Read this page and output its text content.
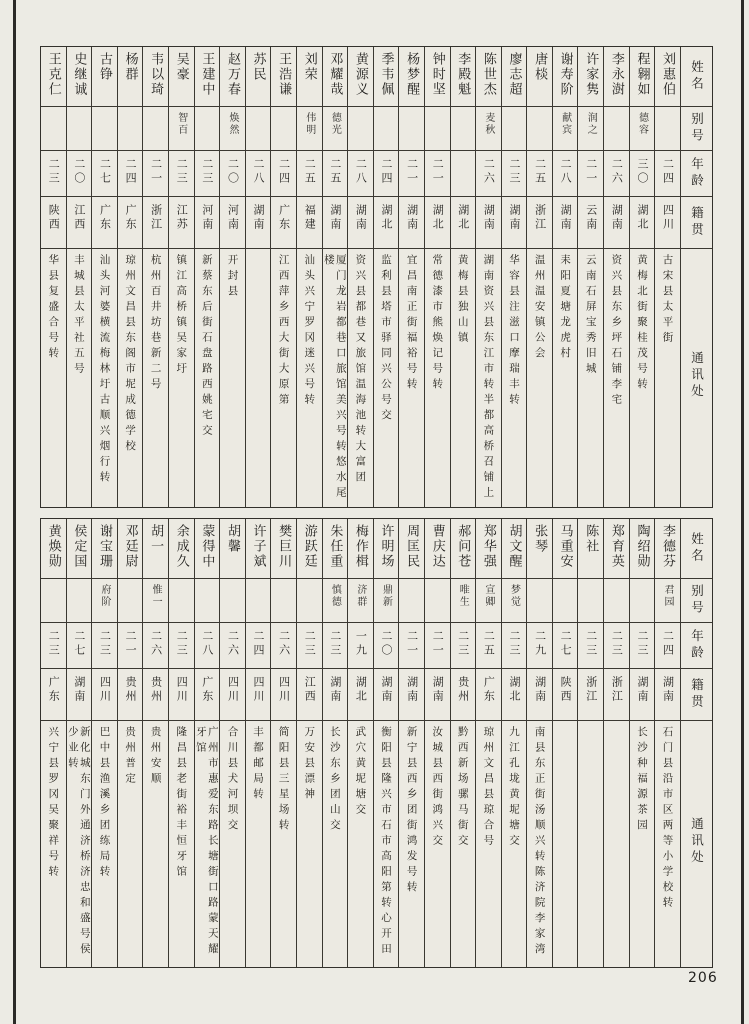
王克仁
二三
陕西
华县复盛合号转
史继诚
二〇
江西
丰城县太平社五号
古铮
二七
广东
汕头河婆横流梅林圩古顺兴烟行转
杨群
二四
广东
琼州文昌县东阁市坭成德学校
韦以琦
二一
浙江
杭州百井坊巷新二号
吴豪
智百
二三
江苏
镇江高桥镇吴家圩
王建中
二三
河南
新蔡东后街石盘路西姚宅交
赵万春
焕然
二〇
河南
开封县
苏民
二八
湖南
王浩谦
二四
广东
江西萍乡西大街大原第
刘荣
伟明
二五
福建
汕头兴宁罗冈迷兴号转
邓耀哉
德光
二五
湖南
厦门龙岩都巷口旅馆美兴号转悠水尾楼
黄源义
二八
湖南
资兴县都巷又旅馆温海池转大富团
季韦佩
二四
湖北
监利县塔市驿同兴公号交
杨梦醒
二一
湖南
宜昌南正街福裕号转
钟时坚
二一
湖北
常德漆市熊焕记号转
李殿魁
湖北
黄梅县独山镇
陈世杰
麦秋
二六
湖南
湖南资兴县东江市转半都高桥召铺上
廖志超
二三
湖南
华容县注滋口摩瑞丰转
唐棪
二五
浙江
温州温安镇公会
谢寿阶
献宾
二八
湖南
耒阳夏塘龙虎村
许家隽
润之
二一
云南
云南石屏宝秀旧城
李永澍
二六
湖南
资兴县东乡坪石铺李宅
程翱如
德容
三〇
湖北
黄梅北街聚桂茂号转
刘惠伯
二四
四川
古宋县太平街
姓名
别号
年龄
籍贯
通讯处
黄焕勋
二三
广东
兴宁县罗冈吴聚祥号转
侯定国
二七
湖南
新化城东门外通济桥济忠和盛号侯少业转
谢宝珊
府阶
二三
四川
巴中县渔溪乡团练局转
邓廷尉
二一
贵州
贵州普定
胡一
惟一
二六
贵州
贵州安顺
余成久
二三
四川
隆昌县老街裕丰恒牙馆
蒙得中
二八
广东
广州市惠爱东路长塘街口路蒙天耀牙馆
胡馨
二六
四川
合川县犬河坝交
许子斌
二四
四川
丰都邮局转
樊巨川
二六
四川
简阳县三星场转
游跃廷
二三
江西
万安县漂神
朱任重
慎德
二三
湖南
长沙东乡团山交
梅作楫
济群
一九
湖北
武穴黄坭塘交
许明场
鼎新
二〇
湖南
衡阳县隆兴市石市高阳第转心开田
周匡民
二一
湖南
新宁县西乡团街鸿发号转
曹庆达
二一
湖南
汝城县西街鸿兴交
郝问苍
唯生
二三
贵州
黔西新场骡马街交
郑华强
宣卿
二五
广东
琼州文昌县琼合号
胡文醒
梦觉
二三
湖北
九江孔垅黄坭塘交
张琴
二九
湖南
南县东正街汤顺兴转陈济院李家湾
马重安
二七
陕西
陈社
二三
浙江
郑育英
二三
浙江
陶绍勋
二三
湖南
长沙种福源茶园
李德芬
君园
二四
湖南
石门县沿市区两等小学校转
姓名
别号
年龄
籍贯
通讯处
206
